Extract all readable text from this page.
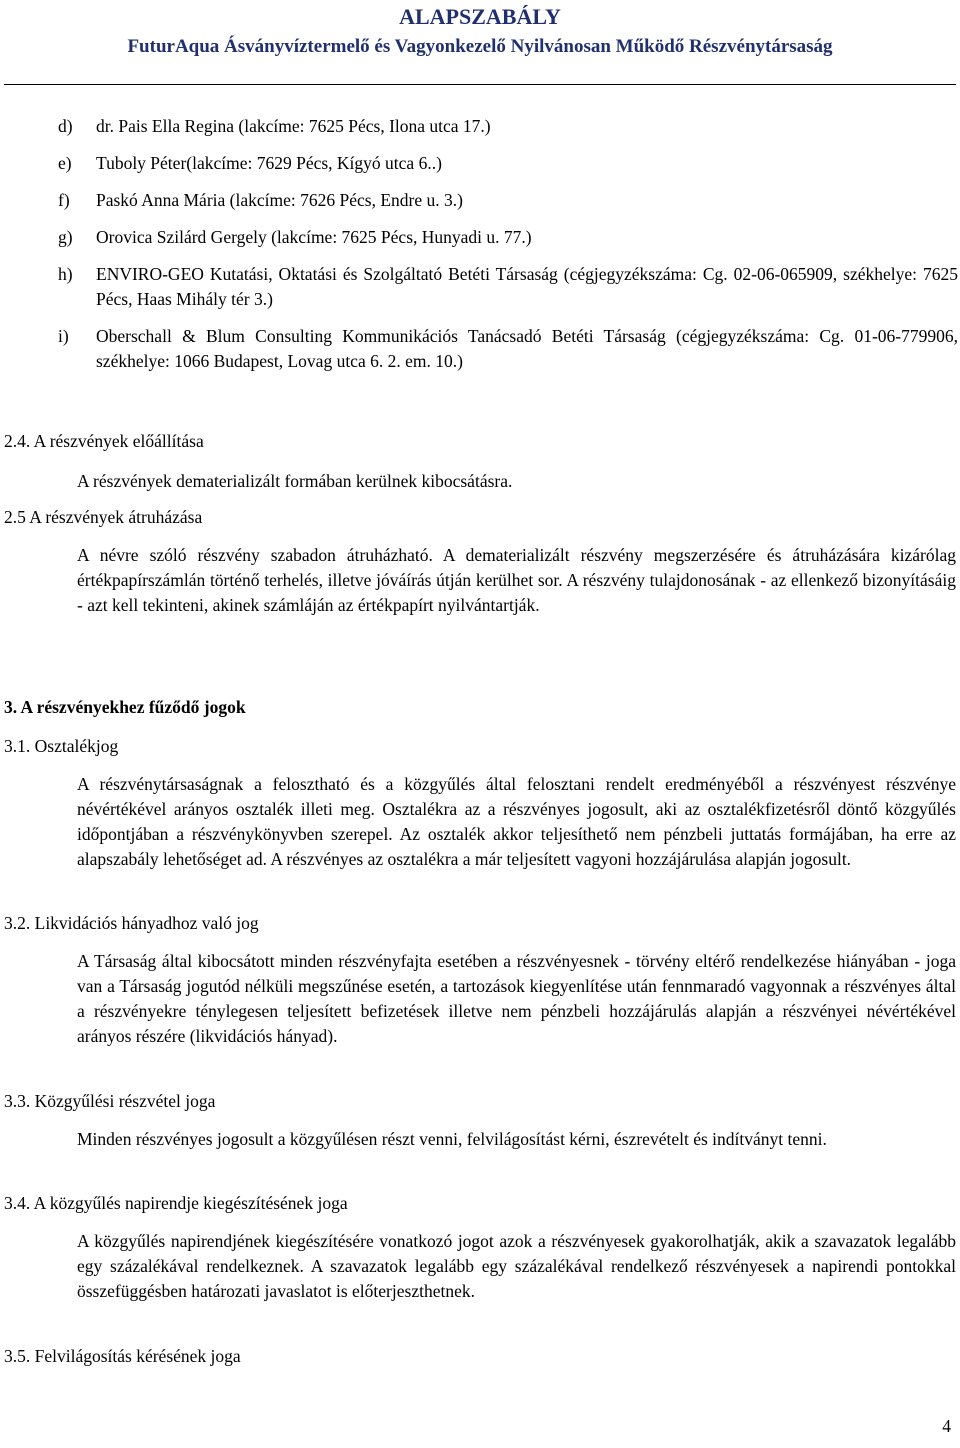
ALAPSZABÁLY
FuturAqua Ásványvíztermelő és Vagyonkezelő Nyilvánosan Működő Részvénytársaság
d)	dr. Pais Ella Regina (lakcíme: 7625 Pécs, Ilona utca 17.)
e)	Tuboly Péter(lakcíme: 7629 Pécs, Kígyó utca 6..)
f)	Paskó Anna Mária (lakcíme: 7626 Pécs, Endre u. 3.)
g)	Orovica Szilárd Gergely (lakcíme: 7625 Pécs, Hunyadi u. 77.)
h)	ENVIRO-GEO Kutatási, Oktatási és Szolgáltató Betéti Társaság (cégjegyzékszáma: Cg. 02-06-065909, székhelye: 7625 Pécs, Haas Mihály tér 3.)
i)	Oberschall & Blum Consulting Kommunikációs Tanácsadó Betéti Társaság (cégjegyzékszáma: Cg. 01-06-779906, székhelye: 1066 Budapest, Lovag utca 6. 2. em. 10.)
2.4. A részvények előállítása
A részvények dematerializált formában kerülnek kibocsátásra.
2.5 A részvények átruházása
A névre szóló részvény szabadon átruházható. A dematerializált részvény megszerzésére és átruházására kizárólag értékpapírszámlán történő terhelés, illetve jóváírás útján kerülhet sor. A részvény tulajdonosának - az ellenkező bizonyításáig - azt kell tekinteni, akinek számláján az értékpapírt nyilvántartják.
3. A részvényekhez fűződő jogok
3.1. Osztalékjog
A részvénytársaságnak a felosztható és a közgyűlés által felosztani rendelt eredményéből a részvényest részvénye névértékével arányos osztalék illeti meg. Osztalékra az a részvényes jogosult, aki az osztalékfizetésről döntő közgyűlés időpontjában a részvénykönyvben szerepel. Az osztalék akkor teljesíthető nem pénzbeli juttatás formájában, ha erre az alapszabály lehetőséget ad. A részvényes az osztalékra a már teljesített vagyoni hozzájárulása alapján jogosult.
3.2. Likvidációs hányadhoz való jog
A Társaság által kibocsátott minden részvényfajta esetében a részvényesnek - törvény eltérő rendelkezése hiányában - joga van a Társaság jogutód nélküli megszűnése esetén, a tartozások kiegyenlítése után fennmaradó vagyonnak a részvényes által a részvényekre ténylegesen teljesített befizetések illetve nem pénzbeli hozzájárulás alapján a részvényei névértékével arányos részére (likvidációs hányad).
3.3. Közgyűlési részvétel joga
Minden részvényes jogosult a közgyűlésen részt venni, felvilágosítást kérni, észrevételt és indítványt tenni.
3.4. A közgyűlés napirendje kiegészítésének joga
A közgyűlés napirendjének kiegészítésére vonatkozó jogot azok a részvényesek gyakorolhatják, akik a szavazatok legalább egy százalékával rendelkeznek. A szavazatok legalább egy százalékával rendelkező részvényesek a napirendi pontokkal összefüggésben határozati javaslatot is előterjeszthetnek.
3.5. Felvilágosítás kérésének joga
4
